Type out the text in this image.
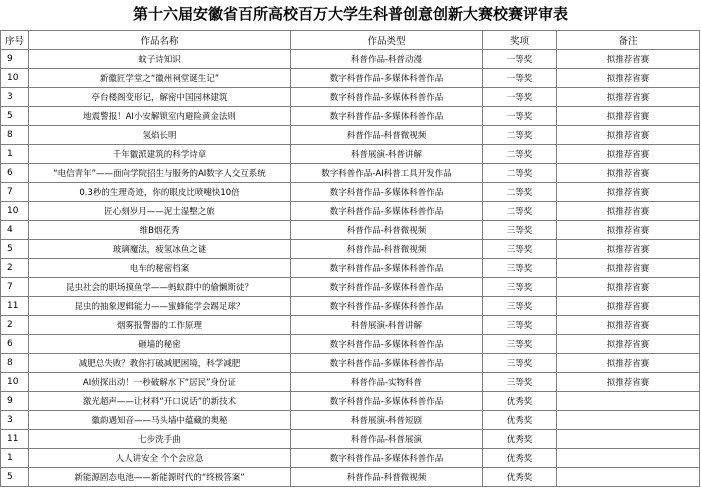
第十六届安徽省百所高校百万大学生科普创意创新大赛校赛评审表
序号	作品名称	作品类型	奖项	备注
9	蚊子诗知识	科普作品-科普动漫	一等奖	拟推荐省赛
10	新徽匠学堂之“徽州祠堂诞生记”	数字科普作品-多媒体科普作品	一等奖	拟推荐省赛
3	亭台楼阁变形记，解密中国园林建筑	数字科普作品-多媒体科普作品	一等奖	拟推荐省赛
5	地震警报！AI小安解锁室内避险黄金法则	数字科普作品-多媒体科普作品	一等奖	拟推荐省赛
8	氢焰长明	科普作品-科普微视频	二等奖	拟推荐省赛
1	千年徽派建筑的科学诗章	科普展演-科普讲解	二等奖	拟推荐省赛
6	“电信青年”——面向学院招生与服务的AI数字人交互系统	数字科普作品-AI科普工具开发作品	二等奖	拟推荐省赛
7	0.3秒的生理奇迹，你的眼皮比喷嚏快10倍	数字科普作品-多媒体科普作品	二等奖	拟推荐省赛
10	匠心刻岁月——泥土湿墼之旅	数字科普作品-多媒体科普作品	二等奖	拟推荐省赛
4	维B烟花秀	科普作品-科普微视频	三等奖	拟推荐省赛
5	玻璃魔法，疲氢冰鱼之谜	科普作品-科普微视频	三等奖	拟推荐省赛
2	电车的秘密档案	数字科普作品-多媒体科普作品	三等奖	拟推荐省赛
7	昆虫社会的职场摸鱼学——蚂蚁群中的偷懒斯徒？	数字科普作品-多媒体科普作品	三等奖	拟推荐省赛
11	昆虫的抽象逻辑能力——蜜蜂能学会踢足球？	数字科普作品-多媒体科普作品	三等奖	拟推荐省赛
2	烟雾报警器的工作原理	科普展演-科普讲解	三等奖	拟推荐省赛
6	砸墙的秘密	数字科普作品-多媒体科普作品	三等奖	拟推荐省赛
8	减肥总失败？教你打破减肥困境，科学减肥	数字科普作品-多媒体科普作品	三等奖	拟推荐省赛
10	AI侦探出动！一秒破解水下“居民”身份证	科普作品-实物科普	三等奖	拟推荐省赛
9	激光超声——让材料“开口说话”的新技术	数字科普作品-多媒体科普作品	优秀奖	
3	徽韵遇知音——马头墙中蕴藏的奥秘	科普展演-科普短剧	优秀奖	
11	七步洗手曲	科普作品-科普展演	优秀奖	
1	人人讲安全 个个会应急	数字科普作品-多媒体科普作品	优秀奖	
5	新能源固态电池——新能源时代的“终极答案”	科普作品-科普微视频	优秀奖	
